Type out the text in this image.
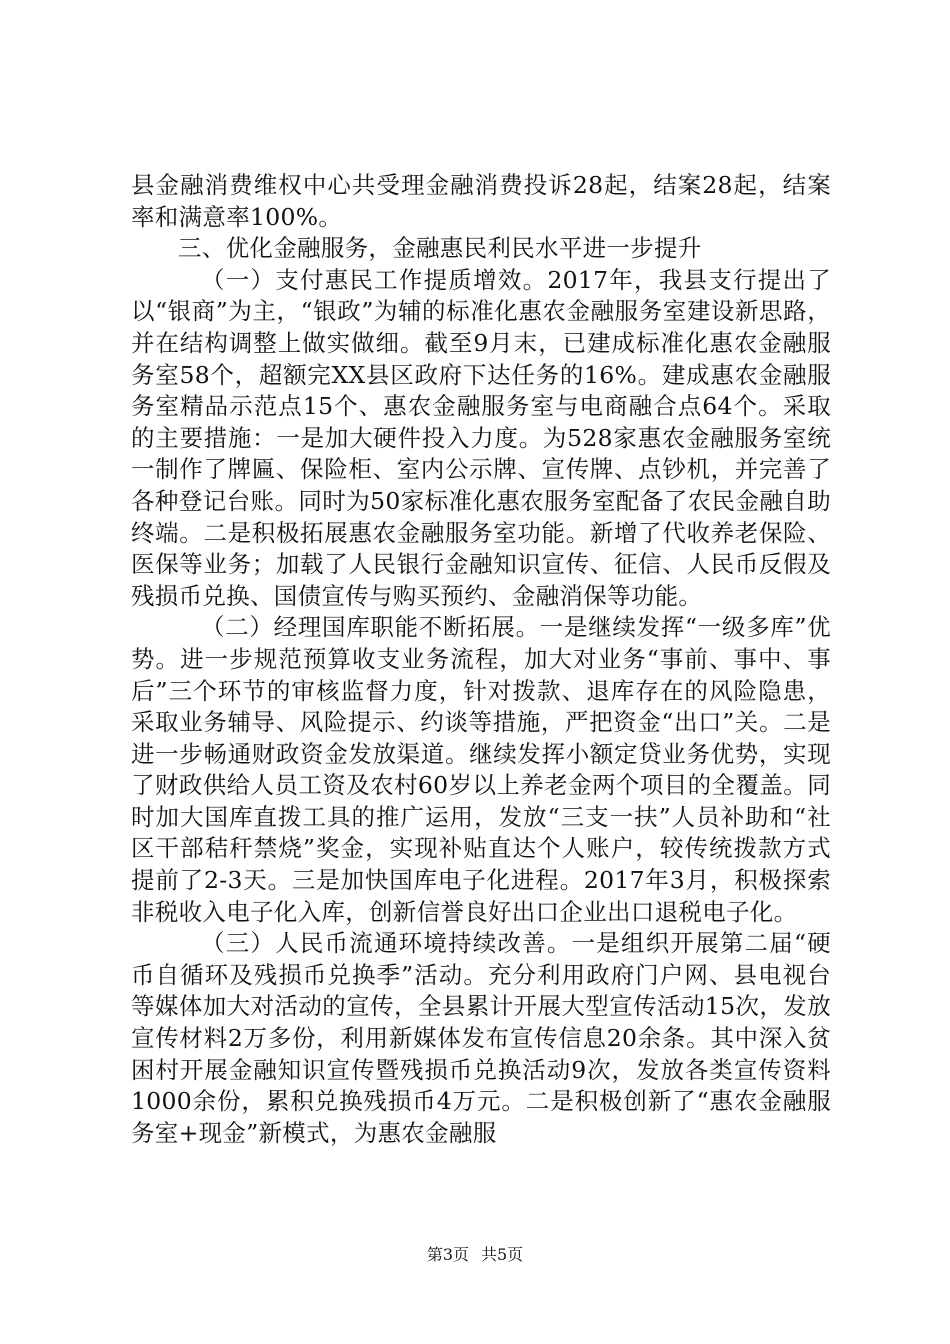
县金融消费维权中心共受理金融消费投诉28起，结案28起，结案率和满意率100%。

三、优化金融服务，金融惠民利民水平进一步提升

（一）支付惠民工作提质增效。2017年，我县支行提出了以“银商”为主，“银政”为辅的标准化惠农金融服务室建设新思路，并在结构调整上做实做细。截至9月末，已建成标准化惠农金融服务室58个，超额完XX县区政府下达任务的16%。建成惠农金融服务室精品示范点15个、惠农金融服务室与电商融合点64个。采取的主要措施：一是加大硬件投入力度。为528家惠农金融服务室统一制作了牌匾、保险柜、室内公示牌、宣传牌、点钞机，并完善了各种登记台账。同时为50家标准化惠农服务室配备了农民金融自助终端。二是积极拓展惠农金融服务室功能。新增了代收养老保险、医保等业务；加载了人民银行金融知识宣传、征信、人民币反假及残损币兑换、国债宣传与购买预约、金融消保等功能。

（二）经理国库职能不断拓展。一是继续发挥“一级多库”优势。进一步规范预算收支业务流程，加大对业务“事前、事中、事后”三个环节的审核监督力度，针对拨款、退库存在的风险隐患，采取业务辅导、风险提示、约谈等措施，严把资金“出口”关。二是进一步畅通财政资金发放渠道。继续发挥小额定贷业务优势，实现了财政供给人员工资及农村60岁以上养老金两个项目的全覆盖。同时加大国库直拨工具的推广运用，发放“三支一扶”人员补助和“社区干部秸秆禁烧”奖金，实现补贴直达个人账户，较传统拨款方式提前了2-3天。三是加快国库电子化进程。2017年3月，积极探索非税收入电子化入库，创新信誉良好出口企业出口退税电子化。

（三）人民币流通环境持续改善。一是组织开展第二届“硬币自循环及残损币兑换季”活动。充分利用政府门户网、县电视台等媒体加大对活动的宣传，全县累计开展大型宣传活动15次，发放宣传材料2万多份，利用新媒体发布宣传信息20余条。其中深入贫困村开展金融知识宣传暨残损币兑换活动9次，发放各类宣传资料1000余份，累积兑换残损币4万元。二是积极创新了“惠农金融服务室+现金”新模式，为惠农金融服

第3页 共5页
